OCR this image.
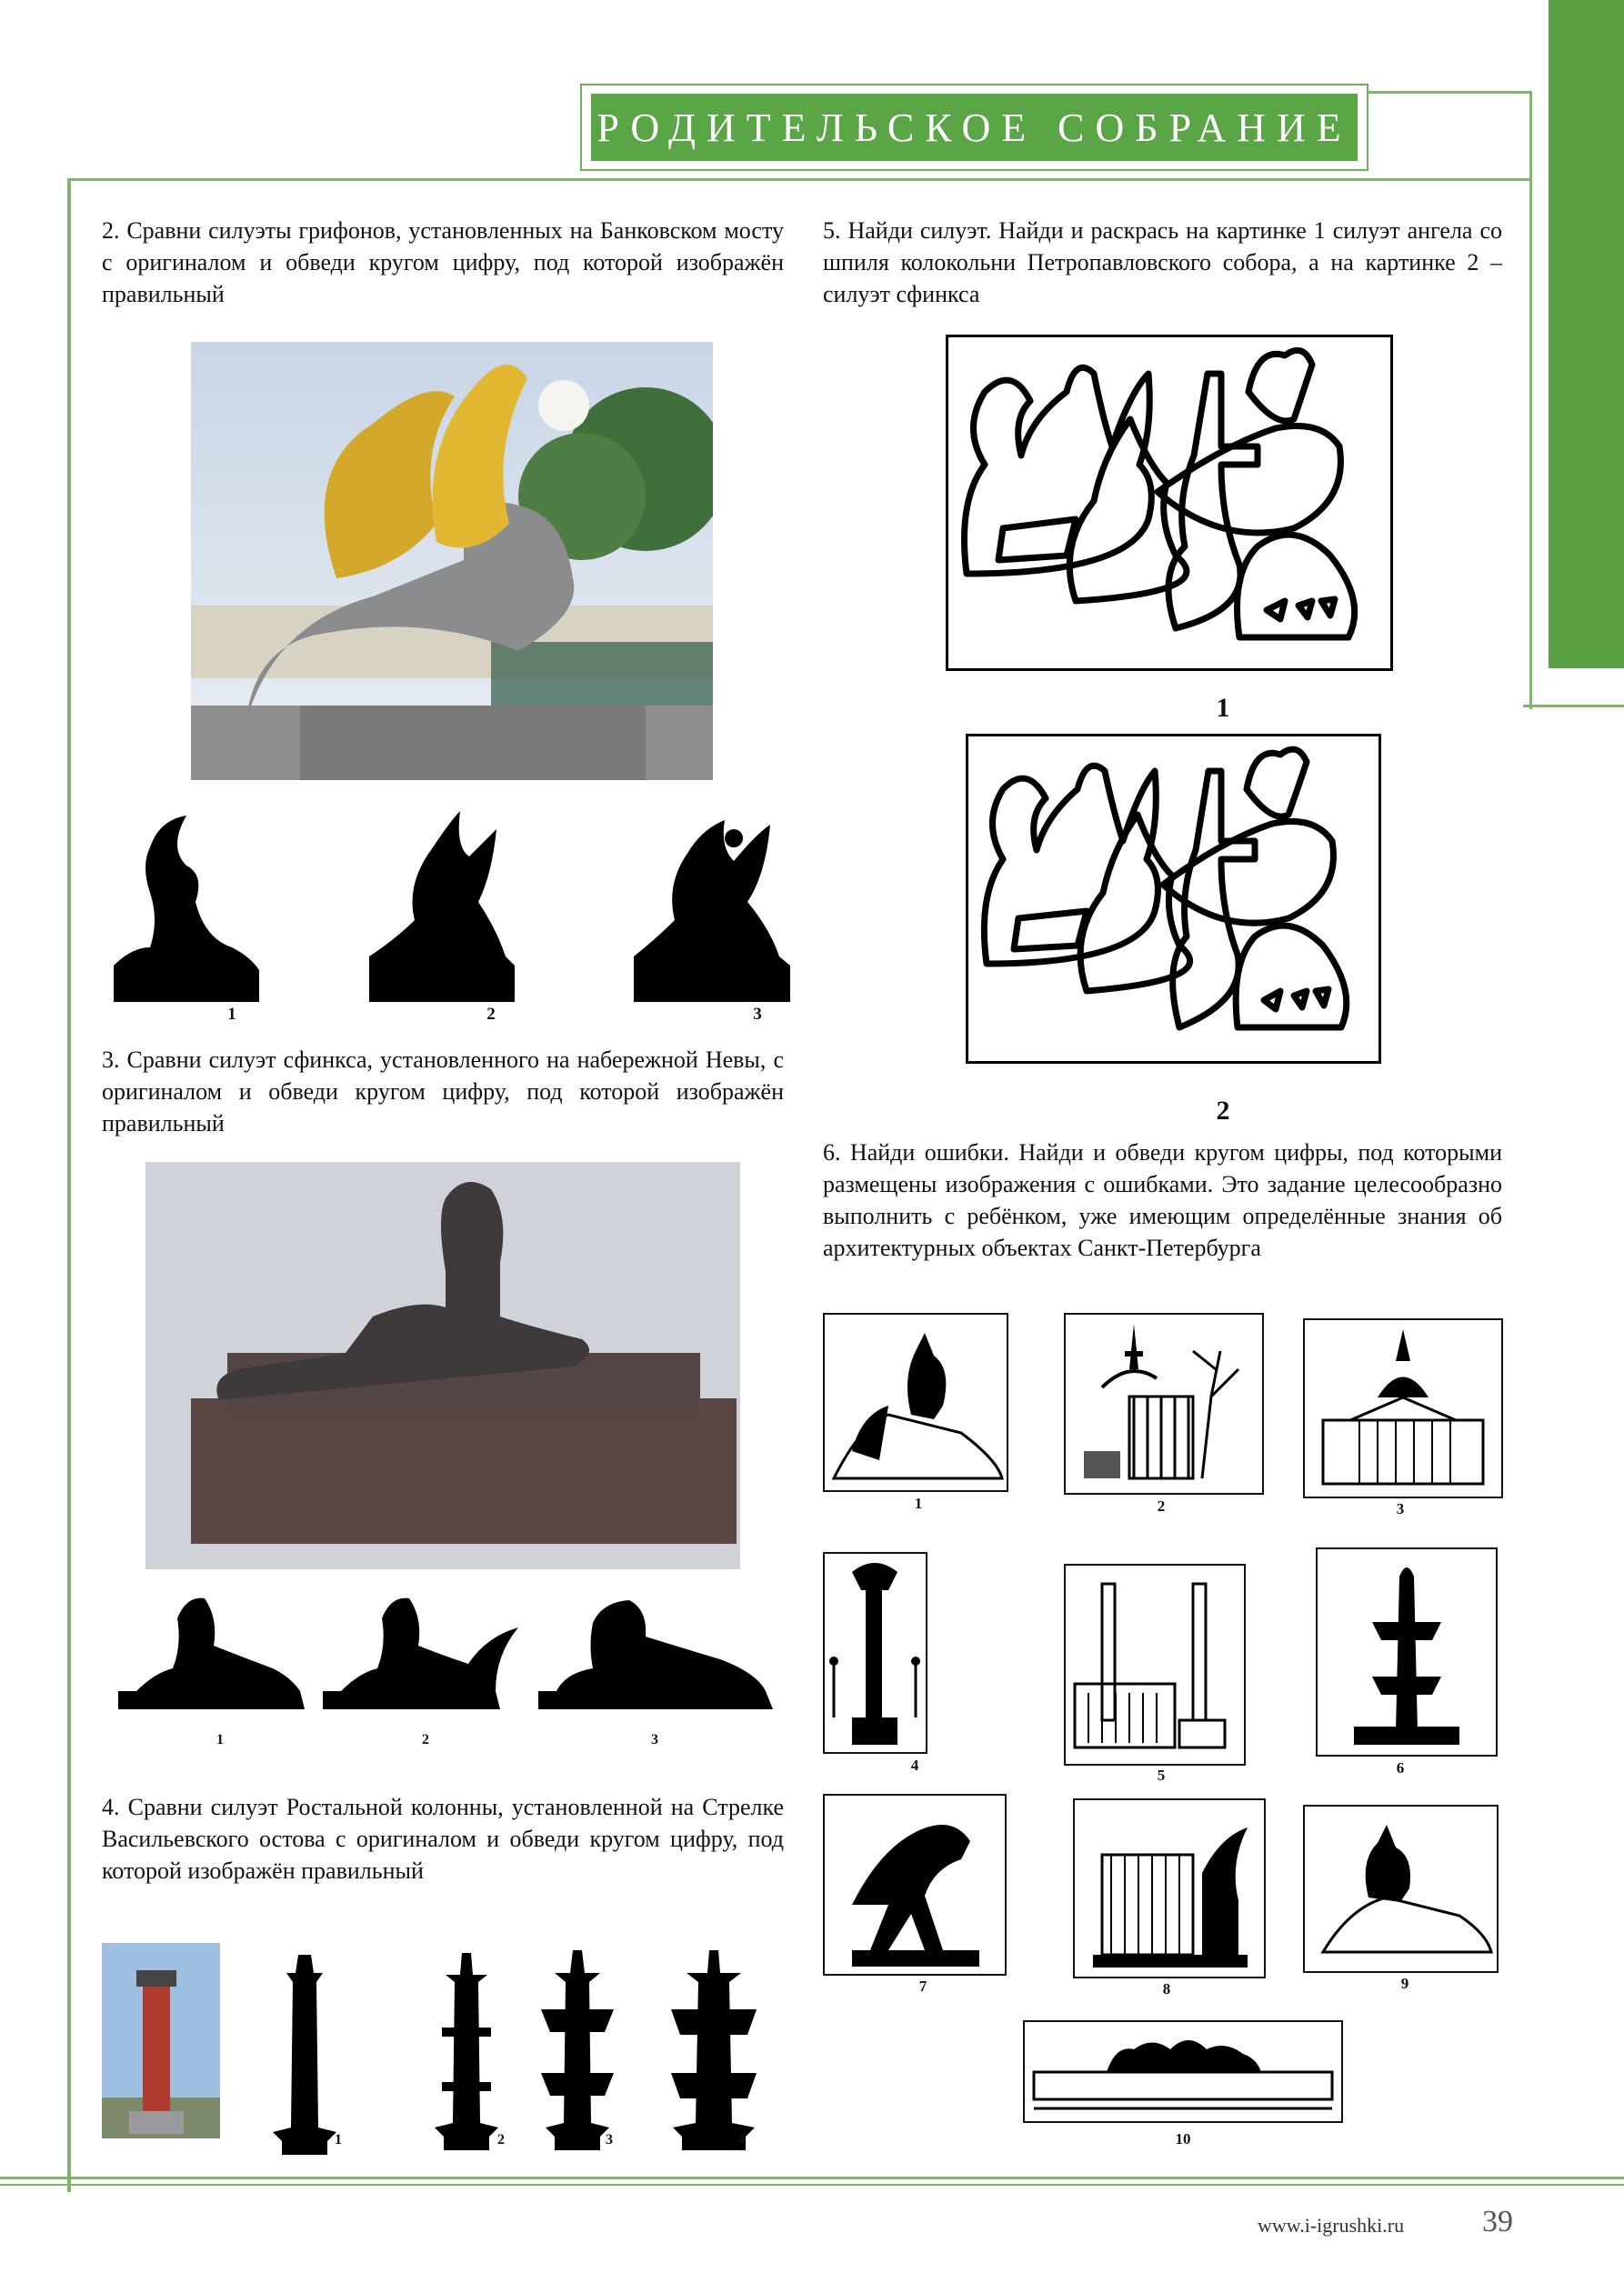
РОДИТЕЛЬСКОЕ СОБРАНИЕ
2. Сравни силуэты грифонов, установленных на Банковском мосту с оригиналом и обведи кругом цифру, под которой изображён правильный
1	2	3
3. Сравни силуэт сфинкса, установленного на набережной Невы, с оригиналом и обведи кругом цифру, под которой изображён правильный
1	2	3
4. Сравни силуэт Ростальной колонны, установленной на Стрелке Васильевского остова с оригиналом и обведи кругом цифру, под которой изображён правильный
1	2	3	4
5. Найди силуэт. Найди и раскрась на картинке 1 силуэт ангела со шпиля колокольни Петропавловского собора, а на картинке 2 – силуэт сфинкса
1
2
6. Найди ошибки. Найди и обведи кругом цифры, под которыми размещены изображения с ошибками. Это задание целесообразно выполнить с ребёнком, уже имеющим определённые знания об архитектурных объектах Санкт-Петербурга
1	2	3
4
5	6
7	8	9
10
www.i-igrushki.ru	39
